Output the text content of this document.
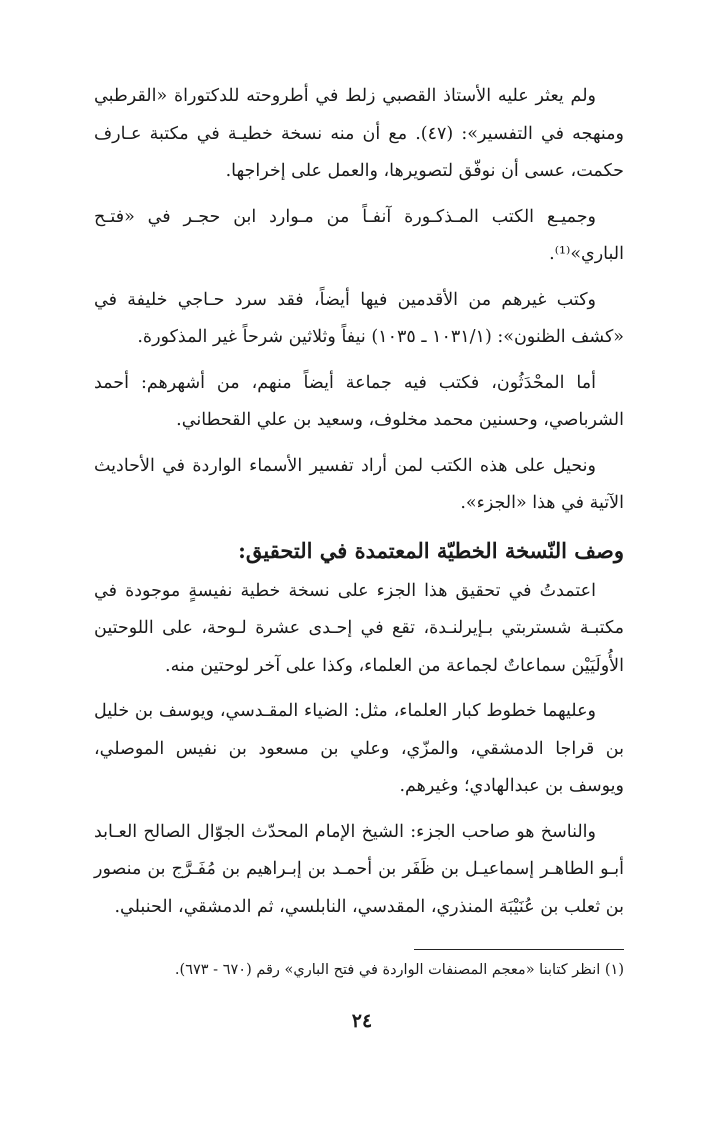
ولم يعثر عليه الأستاذ القصبي زلط في أطروحته للدكتوراة «القرطبي ومنهجه في التفسير»: (٤٧). مع أن منه نسخة خطيـة في مكتبة عـارف حكمت، عسى أن نوفّق لتصويرها، والعمل على إخراجها.

وجميـع الكتب المـذكـورة آنفـاً من مـوارد ابن حجـر في «فتـح الباري»⁽¹⁾.

وكتب غيرهم من الأقدمين فيها أيضاً، فقد سرد حـاجي خليفة في «كشف الظنون»: (١٠٣١/١ ـ ١٠٣٥) نيفاً وثلاثين شرحاً غير المذكورة.

أما المحْدَثُون، فكتب فيه جماعة أيضاً منهم، من أشهرهم: أحمد الشرباصي، وحسنين محمد مخلوف، وسعيد بن علي القحطاني.

ونحيل على هذه الكتب لمن أراد تفسير الأسماء الواردة في الأحاديث الآتية في هذا «الجزء».

وصف النّسخة الخطيّة المعتمدة في التحقيق:

اعتمدتُ في تحقيق هذا الجزء على نسخة خطية نفيسةٍ موجودة في مكتبـة شستربتي بـإيرلنـدة، تقع في إحـدى عشرة لـوحة، على اللوحتين الأُولَيَيْن سماعاتٌ لجماعة من العلماء، وكذا على آخر لوحتين منه.

وعليهما خطوط كبار العلماء، مثل: الضياء المقـدسي، ويوسف بن خليل بن قراجا الدمشقي، والمزّي، وعلي بن مسعود بن نفيس الموصلي، ويوسف بن عبدالهادي؛ وغيرهم.

والناسخ هو صاحب الجزء: الشيخ الإمام المحدّث الجوّال الصالح العـابد أبـو الطاهـر إسماعيـل بن ظَفَر بن أحمـد بن إبـراهيم بن مُفَـرَّج بن منصور بن ثعلب بن عُنَيْبَة المنذري، المقدسي، النابلسي، ثم الدمشقي، الحنبلي.

(١) انظر كتابنا «معجم المصنفات الواردة في فتح الباري» رقم (٦٧٠ - ٦٧٣).
٢٤
